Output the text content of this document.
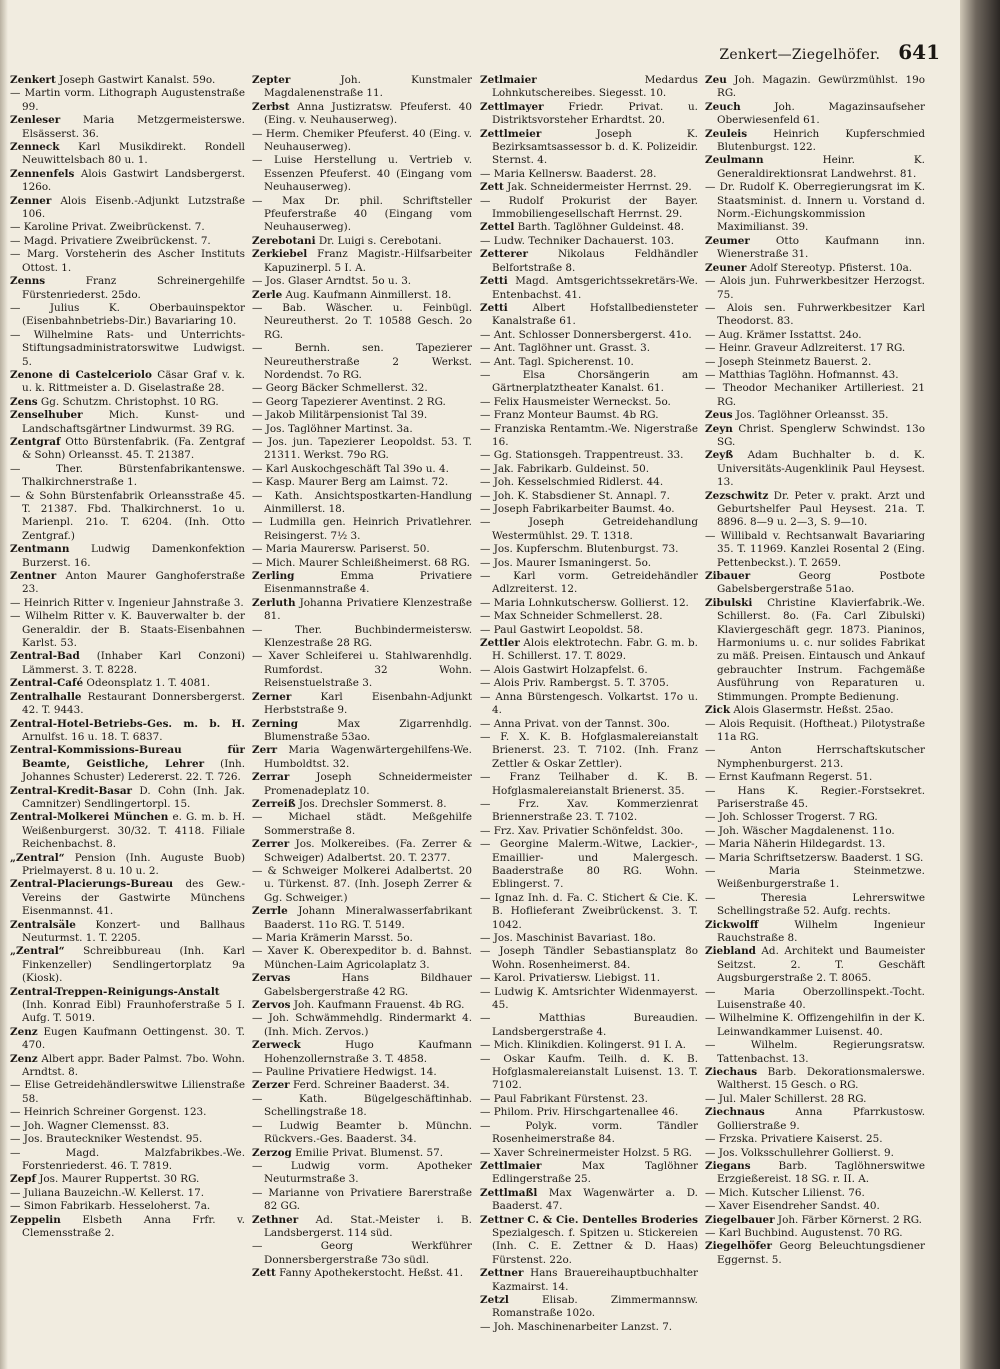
Zenkert—Ziegelhöfer. 641

Zenkert Joseph Gastwirt Kanalst. 59o.

— Martin vorm. Lithograph Augustenstraße 99.

Zenleser Maria Metzgermeisterswe. Elsässerst. 36.

Zenneck Karl Musikdirekt. Rondell Neuwittelsbach 80 u. 1.

Zennenfels Alois Gastwirt Landsbergerst. 126o.

Zenner Alois Eisenb.-Adjunkt Lutzstraße 106.

— Karoline Privat. Zweibrückenst. 7.

— Magd. Privatiere Zweibrückenst. 7.

— Marg. Vorsteherin des Ascher Instituts Ottost. 1.

Zenns	Franz Schreinergehilfe Fürstenriederst. 25do.

— Julius K. Oberbauinspektor (Eisenbahnbetriebs-Dir.) Bavariaring 10.

— Wilhelmine Rats- und Unterrichts-Stiftungsadministratorswitwe Ludwigst. 5.

Zenone di Castelceriolo Cäsar Graf v. k. u. k. Rittmeister a. D. Giselastraße 28.

Zens Gg. Schutzm. Christophst. 10 RG.

Zenselhuber	Mich. Kunst- und Landschaftsgärtner Lindwurmst. 39 RG.

Zentgraf Otto Bürstenfabrik. (Fa. Zentgraf & Sohn) Orleansst. 45. T. 21387.

— Ther. Bürstenfabrikantenswe. Thalkirchnerstraße 1.

— & Sohn Bürstenfabrik Orleansstraße 45. T. 21387. Fbd. Thalkirchnerst. 1o u. Marienpl. 21o. T. 6204. (Inh. Otto Zentgraf.)

Zentmann Ludwig Damenkonfektion Burzerst. 16.

Zentner Anton Maurer Ganghoferstraße 23.

— Heinrich Ritter v. Ingenieur Jahnstraße 3.

— Wilhelm Ritter v. K. Bauverwalter b. der Generaldir. der B. Staats-Eisenbahnen Karlst. 53.

Zentral-Bad (Inhaber Karl Conzoni) Lämmerst. 3. T. 8228.

Zentral-Café Odeonsplatz 1. T. 4081.

Zentralhalle Restaurant Donnersbergerst. 42. T. 9443.

Zentral-Hotel-Betriebs-Ges. m. b. H. Arnulfst. 16 u. 18. T. 6837.

Zentral-Kommissions-Bureau für Beamte, Geistliche, Lehrer (Inh. Johannes Schuster) Ledererst. 22. T. 726.

Zentral-Kredit-Basar D. Cohn (Inh. Jak. Camnitzer) Sendlingertorpl. 15.

Zentral-Molkerei München e. G. m. b. H. Weißenburgerst. 30/32. T. 4118. Filiale Reichenbachst. 8.

„Zentral“ Pension (Inh. Auguste Buob) Prielmayerst. 8 u. 10 u. 2.

Zentral-Placierungs-Bureau des Gew.-Vereins der Gastwirte Münchens Eisenmannst. 41.

Zentralsäle Konzert- und Ballhaus Neuturmst. 1. T. 2205.

„Zentral“ Schreibbureau (Inh. Karl Finkenzeller) Sendlingertorplatz 9a (Kiosk).

Zentral-Treppen-Reinigungs-Anstalt (Inh. Konrad Eibl) Fraunhoferstraße 5 I. Aufg. T. 5019.

Zenz Eugen Kaufmann Oettingenst. 30. T. 470.

Zenz Albert appr. Bader Palmst. 7bo. Wohn. Arndtst. 8.

— Elise Getreidehändlerswitwe Lilienstraße 58.

— Heinrich Schreiner Gorgenst. 123.

— Joh. Wagner Clemensst. 83.

— Jos. Brauteckniker Westendst. 95.

— Magd. Malzfabrikbes.-We. Forstenriederst. 46. T. 7819.

Zepf Jos. Maurer Ruppertst. 30 RG.

— Juliana Bauzeichn.-W. Kellerst. 17.

— Simon Fabrikarb. Hesseloherst. 7a.

Zeppelin Elsbeth Anna Frfr. v. Clemensstraße 2.

Zepter	Joh. Kunstmaler Magdalenenstraße 11.

Zerbst Anna Justizratsw. Pfeuferst. 40 (Eing. v. Neuhauserweg).

— Herm. Chemiker Pfeuferst. 40 (Eing. v. Neuhauserweg).

— Luise Herstellung u. Vertrieb v. Essenzen Pfeuferst. 40 (Eingang vom Neuhauserweg).

— Max Dr. phil. Schriftsteller Pfeuferstraße 40 (Eingang vom Neuhauserweg).

Zerebotani Dr. Luigi s. Cerebotani.

Zerkiebel Franz Magistr.-Hilfsarbeiter Kapuzinerpl. 5 I. A.

— Jos. Glaser Arndtst. 5o u. 3.

Zerle Aug. Kaufmann Ainmillerst. 18.

— Bab. Wäscher. u. Feinbügl. Neureutherst. 2o T. 10588 Gesch. 2o RG.

— Bernh. sen. Tapezierer Neureutherstraße 2 Werkst. Nordendst. 7o RG.

— Georg Bäcker Schmellerst. 32.

— Georg Tapezierer Aventinst. 2 RG.

— Jakob Militärpensionist Tal 39.

— Jos. Taglöhner Martinst. 3a.

— Jos. jun. Tapezierer Leopoldst. 53. T. 21311. Werkst. 79o RG.

— Karl Auskochgeschäft Tal 39o u. 4.

— Kasp. Maurer Berg am Laimst. 72.

— Kath. Ansichtspostkarten-Handlung Ainmillerst. 18.

— Ludmilla gen. Heinrich Privatlehrer. Reisingerst. 7½ 3.

— Maria Maurersw. Pariserst. 50.

— Mich. Maurer Schleißheimerst. 68 RG.

Zerling	Emma Privatiere Eisenmannstraße 4.

Zerluth Johanna Privatiere Klenzestraße 81.

— Ther. Buchbindermeistersw. Klenzestraße 28 RG.

— Xaver Schleiferei u. Stahlwarenhdlg. Rumfordst. 32 Wohn. Reisenstuelstraße 3.

Zerner	Karl Eisenbahn-Adjunkt Herbststraße 9.

Zerning	Max Zigarrenhdlg. Blumenstraße 53ao.

Zerr Maria Wagenwärtergehilfens-We. Humboldtst. 32.

Zerrar	Joseph Schneidermeister Promenadeplatz 10.

Zerreiß Jos. Drechsler Sommerst. 8.

— Michael städt. Meßgehilfe Sommerstraße 8.

Zerrer Jos. Molkereibes. (Fa. Zerrer & Schweiger) Adalbertst. 20. T. 2377.

— & Schweiger Molkerei Adalbertst. 20 u. Türkenst. 87. (Inh. Joseph Zerrer & Gg. Schweiger.)

Zerrle Johann Mineralwasserfabrikant Baaderst. 11o RG. T. 5149.

— Maria Krämerin Marsst. 5o.

— Xaver K. Oberexpeditor b. d. Bahnst. München-Laim Agricolaplatz 3.

Zervas	Hans Bildhauer Gabelsbergerstraße 42 RG.

Zervos Joh. Kaufmann Frauenst. 4b RG.

— Joh. Schwämmehdlg. Rindermarkt 4. (Inh. Mich. Zervos.)

Zerweck	Hugo Kaufmann Hohenzollernstraße 3. T. 4858.

— Pauline Privatiere Hedwigst. 14.

Zerzer Ferd. Schreiner Baaderst. 34.

— Kath. Bügelgeschäftinhab. Schellingstraße 18.

— Ludwig Beamter b. Münchn. Rückvers.-Ges. Baaderst. 34.

Zerzog Emilie Privat. Blumenst. 57.

— Ludwig vorm. Apotheker Neuturmstraße 3.

— Marianne von Privatiere Barerstraße 82 GG.

Zethner Ad. Stat.-Meister i. B. Landsbergerst. 114 süd.

— Georg Werkführer Donnersbergerstraße 73o südl.

Zett Fanny Apothekerstocht. Heßst. 41.

Zetlmaier	Medardus Lohnkutschereibes. Siegesst. 10.

Zettlmayer Friedr. Privat. u. Distriktsvorsteher Erhardtst. 20.

Zettlmeier	Joseph K. Bezirksamtsassessor b. d. K. Polizeidir. Sternst. 4.

— Maria Kellnersw. Baaderst. 28.

Zett Jak. Schneidermeister Herrnst. 29.

— Rudolf Prokurist der Bayer. Immobiliengesellschaft Herrnst. 29.

Zettel Barth. Taglöhner Guldeinst. 48.

— Ludw. Techniker Dachauerst. 103.

Zetterer	Nikolaus Feldhändler Belfortstraße 8.

Zetti Magd. Amtsgerichtssekretärs-We. Entenbachst. 41.

Zetti Albert Hofstallbediensteter Kanalstraße 61.

— Ant. Schlosser Donnersbergerst. 41o.

— Ant. Taglöhner unt. Grasst. 3.

— Ant. Tagl. Spicherenst. 10.

— Elsa Chorsängerin am Gärtnerplatztheater Kanalst. 61.

— Felix Hausmeister Werneckst. 5o.

— Franz Monteur Baumst. 4b RG.

— Franziska Rentamtm.-We. Nigerstraße 16.

— Gg. Stationsgeh. Trappentreust. 33.

— Jak. Fabrikarb. Guldeinst. 50.

— Joh. Kesselschmied Ridlerst. 44.

— Joh. K. Stabsdiener St. Annapl. 7.

— Joseph Fabrikarbeiter Baumst. 4o.

— Joseph Getreidehandlung Westermühlst. 29. T. 1318.

— Jos. Kupferschm. Blutenburgst. 73.

— Jos. Maurer Ismaningerst. 5o.

— Karl vorm. Getreidehändler Adlzreiterst. 12.

— Maria Lohnkutschersw. Gollierst. 12.

— Max Schneider Schmellerst. 28.

— Paul Gastwirt Leopoldst. 58.

Zettler Alois elektrotechn. Fabr. G. m. b. H. Schillerst. 17. T. 8029.

— Alois Gastwirt Holzapfelst. 6.

— Alois Priv. Rambergst. 5. T. 3705.

— Anna Bürstengesch. Volkartst. 17o u. 4.

— Anna Privat. von der Tannst. 30o.

— F. X. K. B. Hofglasmalereianstalt Brienerst. 23. T. 7102. (Inh. Franz Zettler & Oskar Zettler).

— Franz Teilhaber d. K. B. Hofglasmalereianstalt Brienerst. 35.

— Frz. Xav. Kommerzienrat Briennerstraße 23. T. 7102.

— Frz. Xav. Privatier Schönfeldst. 30o.

— Georgine Malerm.-Witwe, Lackier-, Emaillier- und Malergesch. Baaderstraße 80 RG. Wohn. Eblingerst. 7.

— Ignaz Inh. d. Fa. C. Stichert & Cie. K. B. Hoflieferant Zweibrückenst. 3. T. 1042.

— Jos. Maschinist Bavariast. 18o.

— Joseph Tändler Sebastiansplatz 8o Wohn. Rosenheimerst. 84.

— Karol. Privatiersw. Liebigst. 11.

— Ludwig K. Amtsrichter Widenmayerst. 45.

— Matthias Bureaudien. Landsbergerstraße 4.

— Mich. Klinikdien. Kolingerst. 91 I. A.

— Oskar Kaufm. Teilh. d. K. B. Hofglasmalereianstalt Luisenst. 13. T. 7102.

— Paul Fabrikant Fürstenst. 23.

— Philom. Priv. Hirschgartenallee 46.

— Polyk. vorm. Tändler Rosenheimerstraße 84.

— Xaver Schreinermeister Holzst. 5 RG.

Zettlmaier	Max Taglöhner Edlingerstraße 25.

Zettlmaßl Max Wagenwärter a. D. Baaderst. 47.

Zettner C. & Cie. Dentelles Broderies Spezialgesch. f. Spitzen u. Stickereien (Inh. C. E. Zettner & D. Haas) Fürstenst. 22o.

Zettner Hans Brauereihauptbuchhalter Kazmairst. 14.

Zetzl	Elisab. Zimmermannsw. Romanstraße 102o.

— Joh. Maschinenarbeiter Lanzst. 7.

Zeu Joh. Magazin. Gewürzmühlst. 19o RG.

Zeuch	Joh. Magazinsaufseher Oberwiesenfeld 61.

Zeuleis	Heinrich Kupferschmied Blutenburgst. 122.

Zeulmann	Heinr. K. Generaldirektionsrat Landwehrst. 81.

— Dr. Rudolf K. Oberregierungsrat im K. Staatsminist. d. Innern u. Vorstand d. Norm.-Eichungskommission Maximilianst. 39.

Zeumer	Otto Kaufmann inn. Wienerstraße 31.

Zeuner Adolf Stereotyp. Pfisterst. 10a.

— Alois jun. Fuhrwerkbesitzer Herzogst. 75.

— Alois sen. Fuhrwerkbesitzer Karl Theodorst. 83.

— Aug. Krämer Isstattst. 24o.

— Heinr. Graveur Adlzreiterst. 17 RG.

— Joseph Steinmetz Bauerst. 2.

— Matthias Taglöhn. Hofmannst. 43.

— Theodor Mechaniker Artilleriest. 21 RG.

Zeus Jos. Taglöhner Orleansst. 35.

Zeyn Christ. Spenglerw Schwindst. 13o SG.

Zeyß Adam Buchhalter b. d. K. Universitäts-Augenklinik Paul Heysest. 13.

Zezschwitz Dr. Peter v. prakt. Arzt und Geburtshelfer Paul Heysest. 21a. T. 8896. 8—9 u. 2—3, S. 9—10.

— Willibald v. Rechtsanwalt Bavariaring 35. T. 11969. Kanzlei Rosental 2 (Eing. Pettenbeckst.). T. 2659.

Zibauer	Georg Postbote Gabelsbergerstraße 51ao.

Zibulski Christine Klavierfabrik.-We. Schillerst. 8o. (Fa. Carl Zibulski) Klaviergeschäft gegr. 1873. Pianinos, Harmoniums u. c. nur solides Fabrikat zu mäß. Preisen. Eintausch und Ankauf gebrauchter Instrum. Fachgemäße Ausführung von Reparaturen u. Stimmungen. Prompte Bedienung.

Zick Alois Glasermstr. Heßst. 25ao.

— Alois Requisit. (Hoftheat.) Pilotystraße 11a RG.

— Anton Herrschaftskutscher Nymphenburgerst. 213.

— Ernst Kaufmann Regerst. 51.

— Hans K. Regier.-Forstsekret. Pariserstraße 45.

— Joh. Schlosser Trogerst. 7 RG.

— Joh. Wäscher Magdalenenst. 11o.

— Maria Näherin Hildegardst. 13.

— Maria Schriftsetzersw. Baaderst. 1 SG.

— Maria Steinmetzwe. Weißenburgerstraße 1.

— Theresia Lehrerswitwe Schellingstraße 52. Aufg. rechts.

Zickwolff	Wilhelm Ingenieur Rauchstraße 8.

Ziebland Ad. Architekt und Baumeister Seitzst. 2. T. Geschäft Augsburgerstraße 2. T. 8065.

— Maria Oberzollinspekt.-Tocht. Luisenstraße 40.

— Wilhelmine K. Offizengehilfin in der K. Leinwandkammer Luisenst. 40.

— Wilhelm. Regierungsratsw. Tattenbachst. 13.

Ziechaus Barb. Dekorationsmalerswe. Waltherst. 15 Gesch. o RG.

— Jul. Maler Schillerst. 28 RG.

Ziechnaus	Anna Pfarrkustosw. Gollierstraße 9.

— Frzska. Privatiere Kaiserst. 25.

— Jos. Volksschullehrer Gollierst. 9.

Ziegans	Barb. Taglöhnerswitwe Erzgießereist. 18 SG. r. II. A.

— Mich. Kutscher Lilienst. 76.

— Xaver Eisendreher Sandst. 40.

Ziegelbauer Joh. Färber Körnerst. 2 RG.

— Karl Buchbind. Augustenst. 70 RG.

Ziegelhöfer Georg Beleuchtungsdiener Eggernst. 5.
